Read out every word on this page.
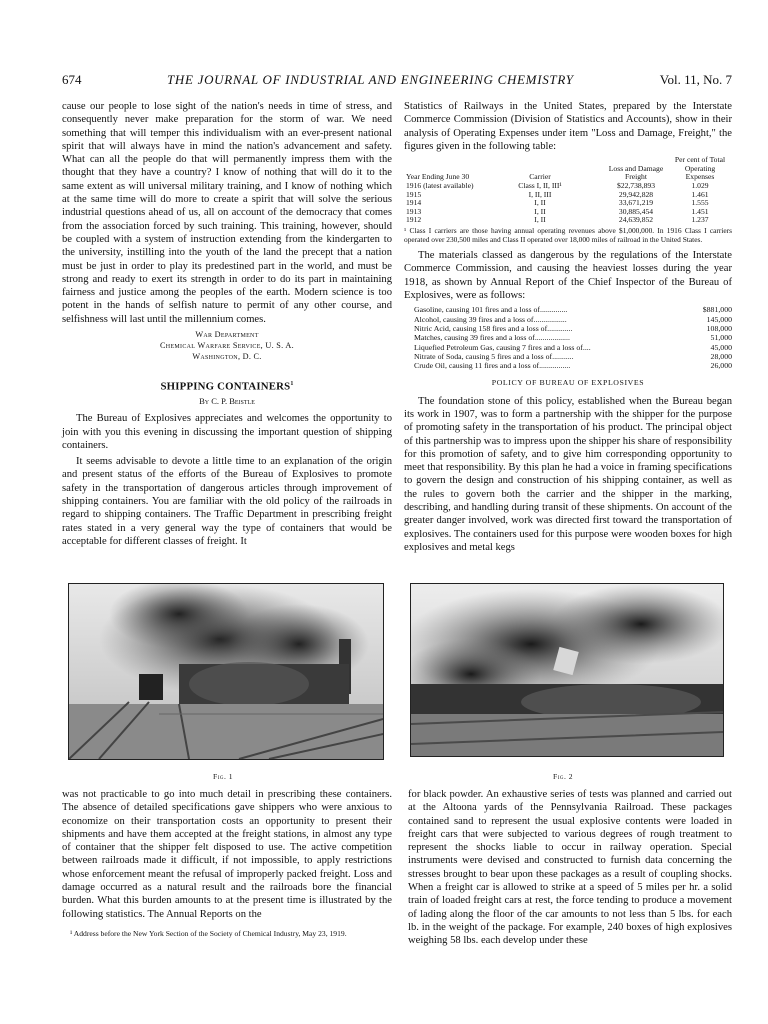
674	THE JOURNAL OF INDUSTRIAL AND ENGINEERING CHEMISTRY	Vol. 11, No. 7

cause our people to lose sight of the nation's needs in time of stress, and consequently never make preparation for the storm of war. We need something that will temper this individualism with an ever-present national spirit that will always have in mind the nation's advancement and safety. What can all the people do that will permanently impress them with the thought that they have a country? I know of nothing that will do it to the same extent as will universal military training, and I know of nothing which at the same time will do more to create a spirit that will solve the serious industrial questions ahead of us, all on account of the democracy that comes from the association forced by such training. This training, however, should be coupled with a system of instruction extending from the kindergarten to the university, instilling into the youth of the land the precept that a nation must be just in order to play its predestined part in the world, and must be strong and ready to exert its strength in order to do its part in maintaining fairness and justice among the peoples of the earth. Modern science is too potent in the hands of selfish nature to permit of any other course, and selfishness will last until the millennium comes.

War Department
Chemical Warfare Service, U. S. A.
Washington, D. C.
SHIPPING CONTAINERS$^1$
By C. P. Beistle

The Bureau of Explosives appreciates and welcomes the opportunity to join with you this evening in discussing the important question of shipping containers.

It seems advisable to devote a little time to an explanation of the origin and present status of the efforts of the Bureau of Explosives to promote safety in the transportation of dangerous articles through improvement of shipping containers. You are familiar with the old policy of the railroads in regard to shipping containers. The Traffic Department in prescribing freight rates stated in a very general way the type of containers that would be acceptable for different classes of freight. It

Statistics of Railways in the United States, prepared by the Interstate Commerce Commission (Division of Statistics and Accounts), show in their analysis of Operating Expenses under item "Loss and Damage, Freight," the figures given in the following table:

Year Ending June 30	Carrier	Loss and Damage Freight	Per cent of Total Operating Expenses
1916 (latest available)	Class I, II, III¹	$22,738,893	1.029
1915	I, II, III	29,942,828	1.461
1914	I, II	33,671,219	1.555
1913	I, II	30,885,454	1.451
1912	I, II	24,639,852	1.237
¹ Class I carriers are those having annual operating revenues above $1,000,000. In 1916 Class I carriers operated over 230,500 miles and Class II operated over 18,000 miles of railroad in the United States.

The materials classed as dangerous by the regulations of the Interstate Commerce Commission, and causing the heaviest losses during the year 1918, as shown by Annual Report of the Chief Inspector of the Bureau of Explosives, were as follows:

Gasoline, causing 101 fires and a loss of..............	$881,000
Alcohol, causing 39 fires and a loss of.................	145,000
Nitric Acid, causing 158 fires and a loss of.............	108,000
Matches, causing 39 fires and a loss of..................	51,000
Liquefied Petroleum Gas, causing 7 fires and a loss of....	45,000
Nitrate of Soda, causing 5 fires and a loss of...........	28,000
Crude Oil, causing 11 fires and a loss of................	26,000
POLICY OF BUREAU OF EXPLOSIVES

The foundation stone of this policy, established when the Bureau began its work in 1907, was to form a partnership with the shipper for the purpose of promoting safety in the transportation of his product. The principal object of this partnership was to impress upon the shipper his share of responsibility for this promotion of safety, and to give him corresponding opportunity to meet that responsibility. By this plan he had a voice in framing specifications to govern the design and construction of his shipping container, as well as the rules to govern both the carrier and the shipper in the marking, describing, and handling during transit of these shipments. On account of the greater danger involved, work was directed first toward the transportation of explosives. The containers used for this purpose were wooden boxes for high explosives and metal kegs

Fig. 1	Fig. 2

was not practicable to go into much detail in prescribing these containers. The absence of detailed specifications gave shippers who were anxious to economize on their transportation costs an opportunity to present their shipments and have them accepted at the freight stations, in almost any type of container that the shipper felt disposed to use. The active competition between railroads made it difficult, if not impossible, to apply restrictions whose enforcement meant the refusal of improperly packed freight. Loss and damage occurred as a natural result and the railroads bore the financial burden. What this burden amounts to at the present time is illustrated by the following statistics. The Annual Reports on the

¹ Address before the New York Section of the Society of Chemical Industry, May 23, 1919.

for black powder. An exhaustive series of tests was planned and carried out at the Altoona yards of the Pennsylvania Railroad. These packages contained sand to represent the usual explosive contents were loaded in freight cars that were subjected to various degrees of rough treatment to represent the shocks liable to occur in railway operation. Special instruments were devised and constructed to furnish data concerning the stresses brought to bear upon these packages as a result of coupling shocks. When a freight car is allowed to strike at a speed of 5 miles per hr. a solid train of loaded freight cars at rest, the force tending to produce a movement of lading along the floor of the car amounts to not less than 5 lbs. for each lb. in the weight of the package. For example, 240 boxes of high explosives weighing 58 lbs. each develop under these
